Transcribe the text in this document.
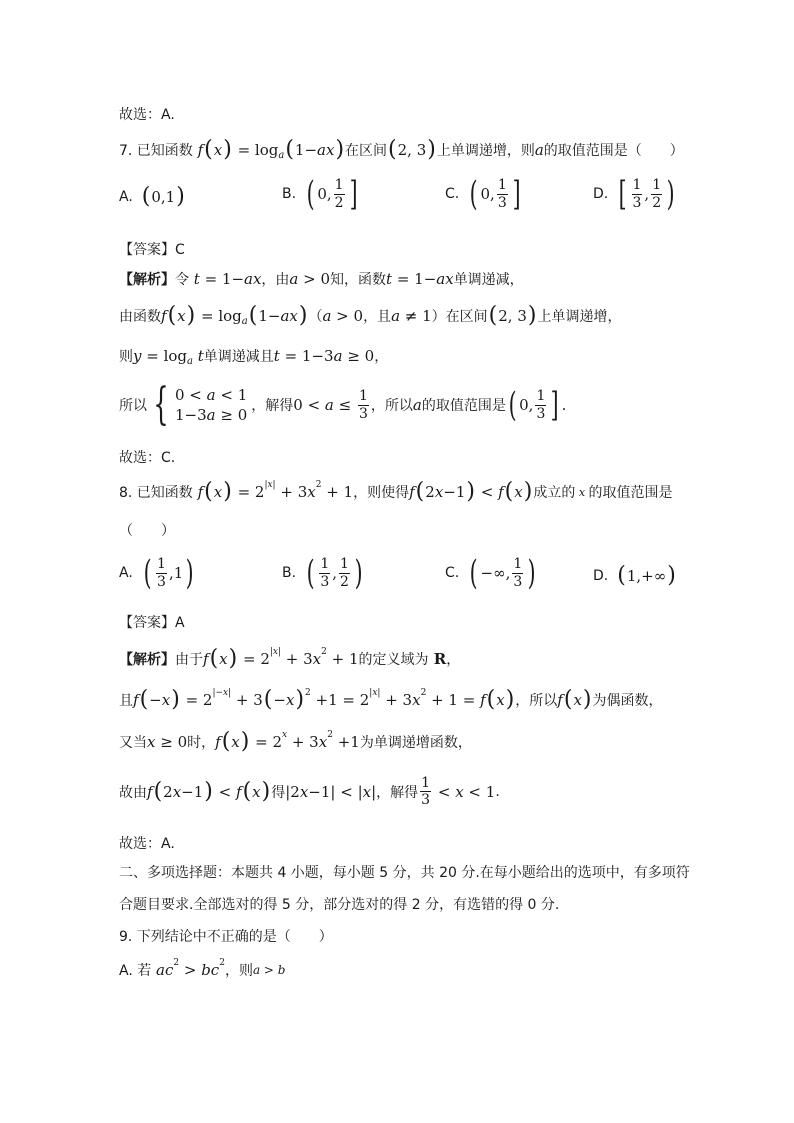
故选：A.
7. 已知函数 f ( x ) = log a ( 1 − ax ) 在区间 ( 2, 3 ) 上单调递增，则 a 的取值范围是（　　）
A. ( 0,1 )	B. ( 0, $\frac{1}{2}$ ]	C. ( 0, $\frac{1}{3}$ ]	D. [ $\frac{1}{3}$ , $\frac{1}{2}$ )
【答案】C
【解析】 令 t = 1− ax ，由 a > 0 知，函数 t = 1− ax 单调递减，
由函数 f ( x ) = log a ( 1− ax ) （ a > 0 ，且 a ≠ 1 ）在区间 ( 2, 3 ) 上单调递增，
则 y = log a t 单调递减且 t = 1−3 a ≥ 0 ，
所以 { 0 < a < 1
1−3a ≥ 0 ，解得 $0 < a \le \frac{1}{3}$ ，所以 a 的取值范围是 ( 0, $\frac{1}{3}$ ] .
故选：C.
8. 已知函数 f ( x ) = 2 |x| + 3 x 2 + 1 ，则使得 f ( 2 x −1 ) < f ( x ) 成立的 x 的取值范围是
（　　）
A. ( $\frac{1}{3} ,1$ )	B. ( $\frac{1}{3}$ , $\frac{1}{2}$ )	C. ( −∞, $\frac{1}{3}$ )	D. ( 1,+∞ )
【答案】A
【解析】 由于 f ( x ) = 2 |x| + 3 x 2 + 1 的定义域为 R ，
且 f ( − x ) = 2 |−x| + 3 ( − x ) 2 +1 = 2 |x| + 3 x 2 + 1 = f ( x ) ，所以 f ( x ) 为偶函数，
又当 x ≥ 0 时， f ( x ) = 2 x + 3 x 2 +1 为单调递增函数，
故由 f ( 2 x −1 ) < f ( x ) 得 |2 x −1| < | x | ，解得 $\frac{1}{3} < x < 1$ .
故选：A.
二、多项选择题：本题共 4 小题，每小题 5 分，共 20 分.在每小题给出的选项中，有多项符
合题目要求.全部选对的得 5 分，部分选对的得 2 分，有选错的得 0 分.
9. 下列结论中不正确的是（　　）
A. 若 ac 2 > bc 2 ，则 a > b
